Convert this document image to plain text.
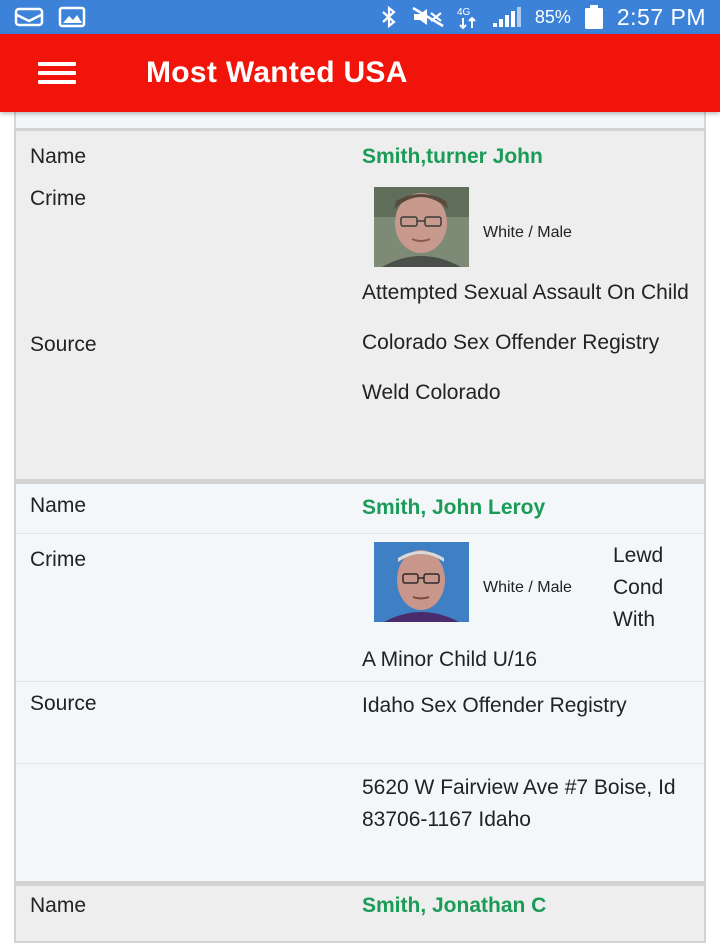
4G	85% 2:57 PM
Most Wanted USA
Name	Smith,turner John
Crime
White / Male
Attempted Sexual Assault On Child
Source	Colorado Sex Offender Registry
Weld Colorado
Name	Smith, John Leroy
Crime
White / Male
Lewd Cond With
A Minor Child U/16
Source	Idaho Sex Offender Registry
5620 W Fairview Ave #7 Boise, Id 83706-1167 Idaho
Name	Smith, Jonathan C
